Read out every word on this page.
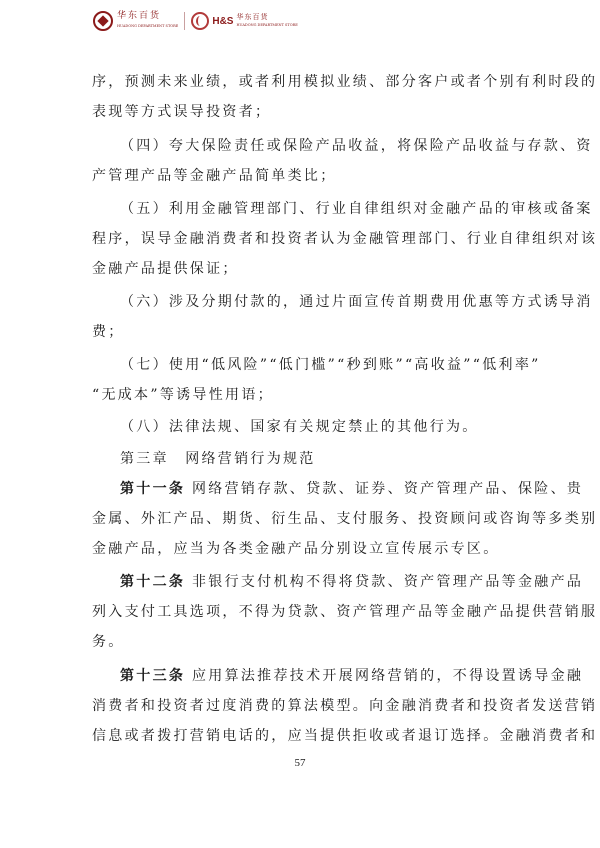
华东百货
HUADONG DEPARTMENT STORE	H&S 华东百货
HUADONG DEPARTMENT STORE
序，预测未来业绩，或者利用模拟业绩、部分客户或者个别有利时段的
表现等方式误导投资者；
（四）夸大保险责任或保险产品收益，将保险产品收益与存款、资
产管理产品等金融产品简单类比；
（五）利用金融管理部门、行业自律组织对金融产品的审核或备案
程序，误导金融消费者和投资者认为金融管理部门、行业自律组织对该
金融产品提供保证；
（六）涉及分期付款的，通过片面宣传首期费用优惠等方式诱导消
费；
（七）使用“低风险”“低门槛”“秒到账”“高收益”“低利率”
“无成本”等诱导性用语；
（八）法律法规、国家有关规定禁止的其他行为。
第三章　网络营销行为规范
第十一条 网络营销存款、贷款、证券、资产管理产品、保险、贵
金属、外汇产品、期货、衍生品、支付服务、投资顾问或咨询等多类别
金融产品，应当为各类金融产品分别设立宣传展示专区。
第十二条 非银行支付机构不得将贷款、资产管理产品等金融产品
列入支付工具选项，不得为贷款、资产管理产品等金融产品提供营销服
务。
第十三条 应用算法推荐技术开展网络营销的，不得设置诱导金融
消费者和投资者过度消费的算法模型。向金融消费者和投资者发送营销
信息或者拨打营销电话的，应当提供拒收或者退订选择。金融消费者和
57
